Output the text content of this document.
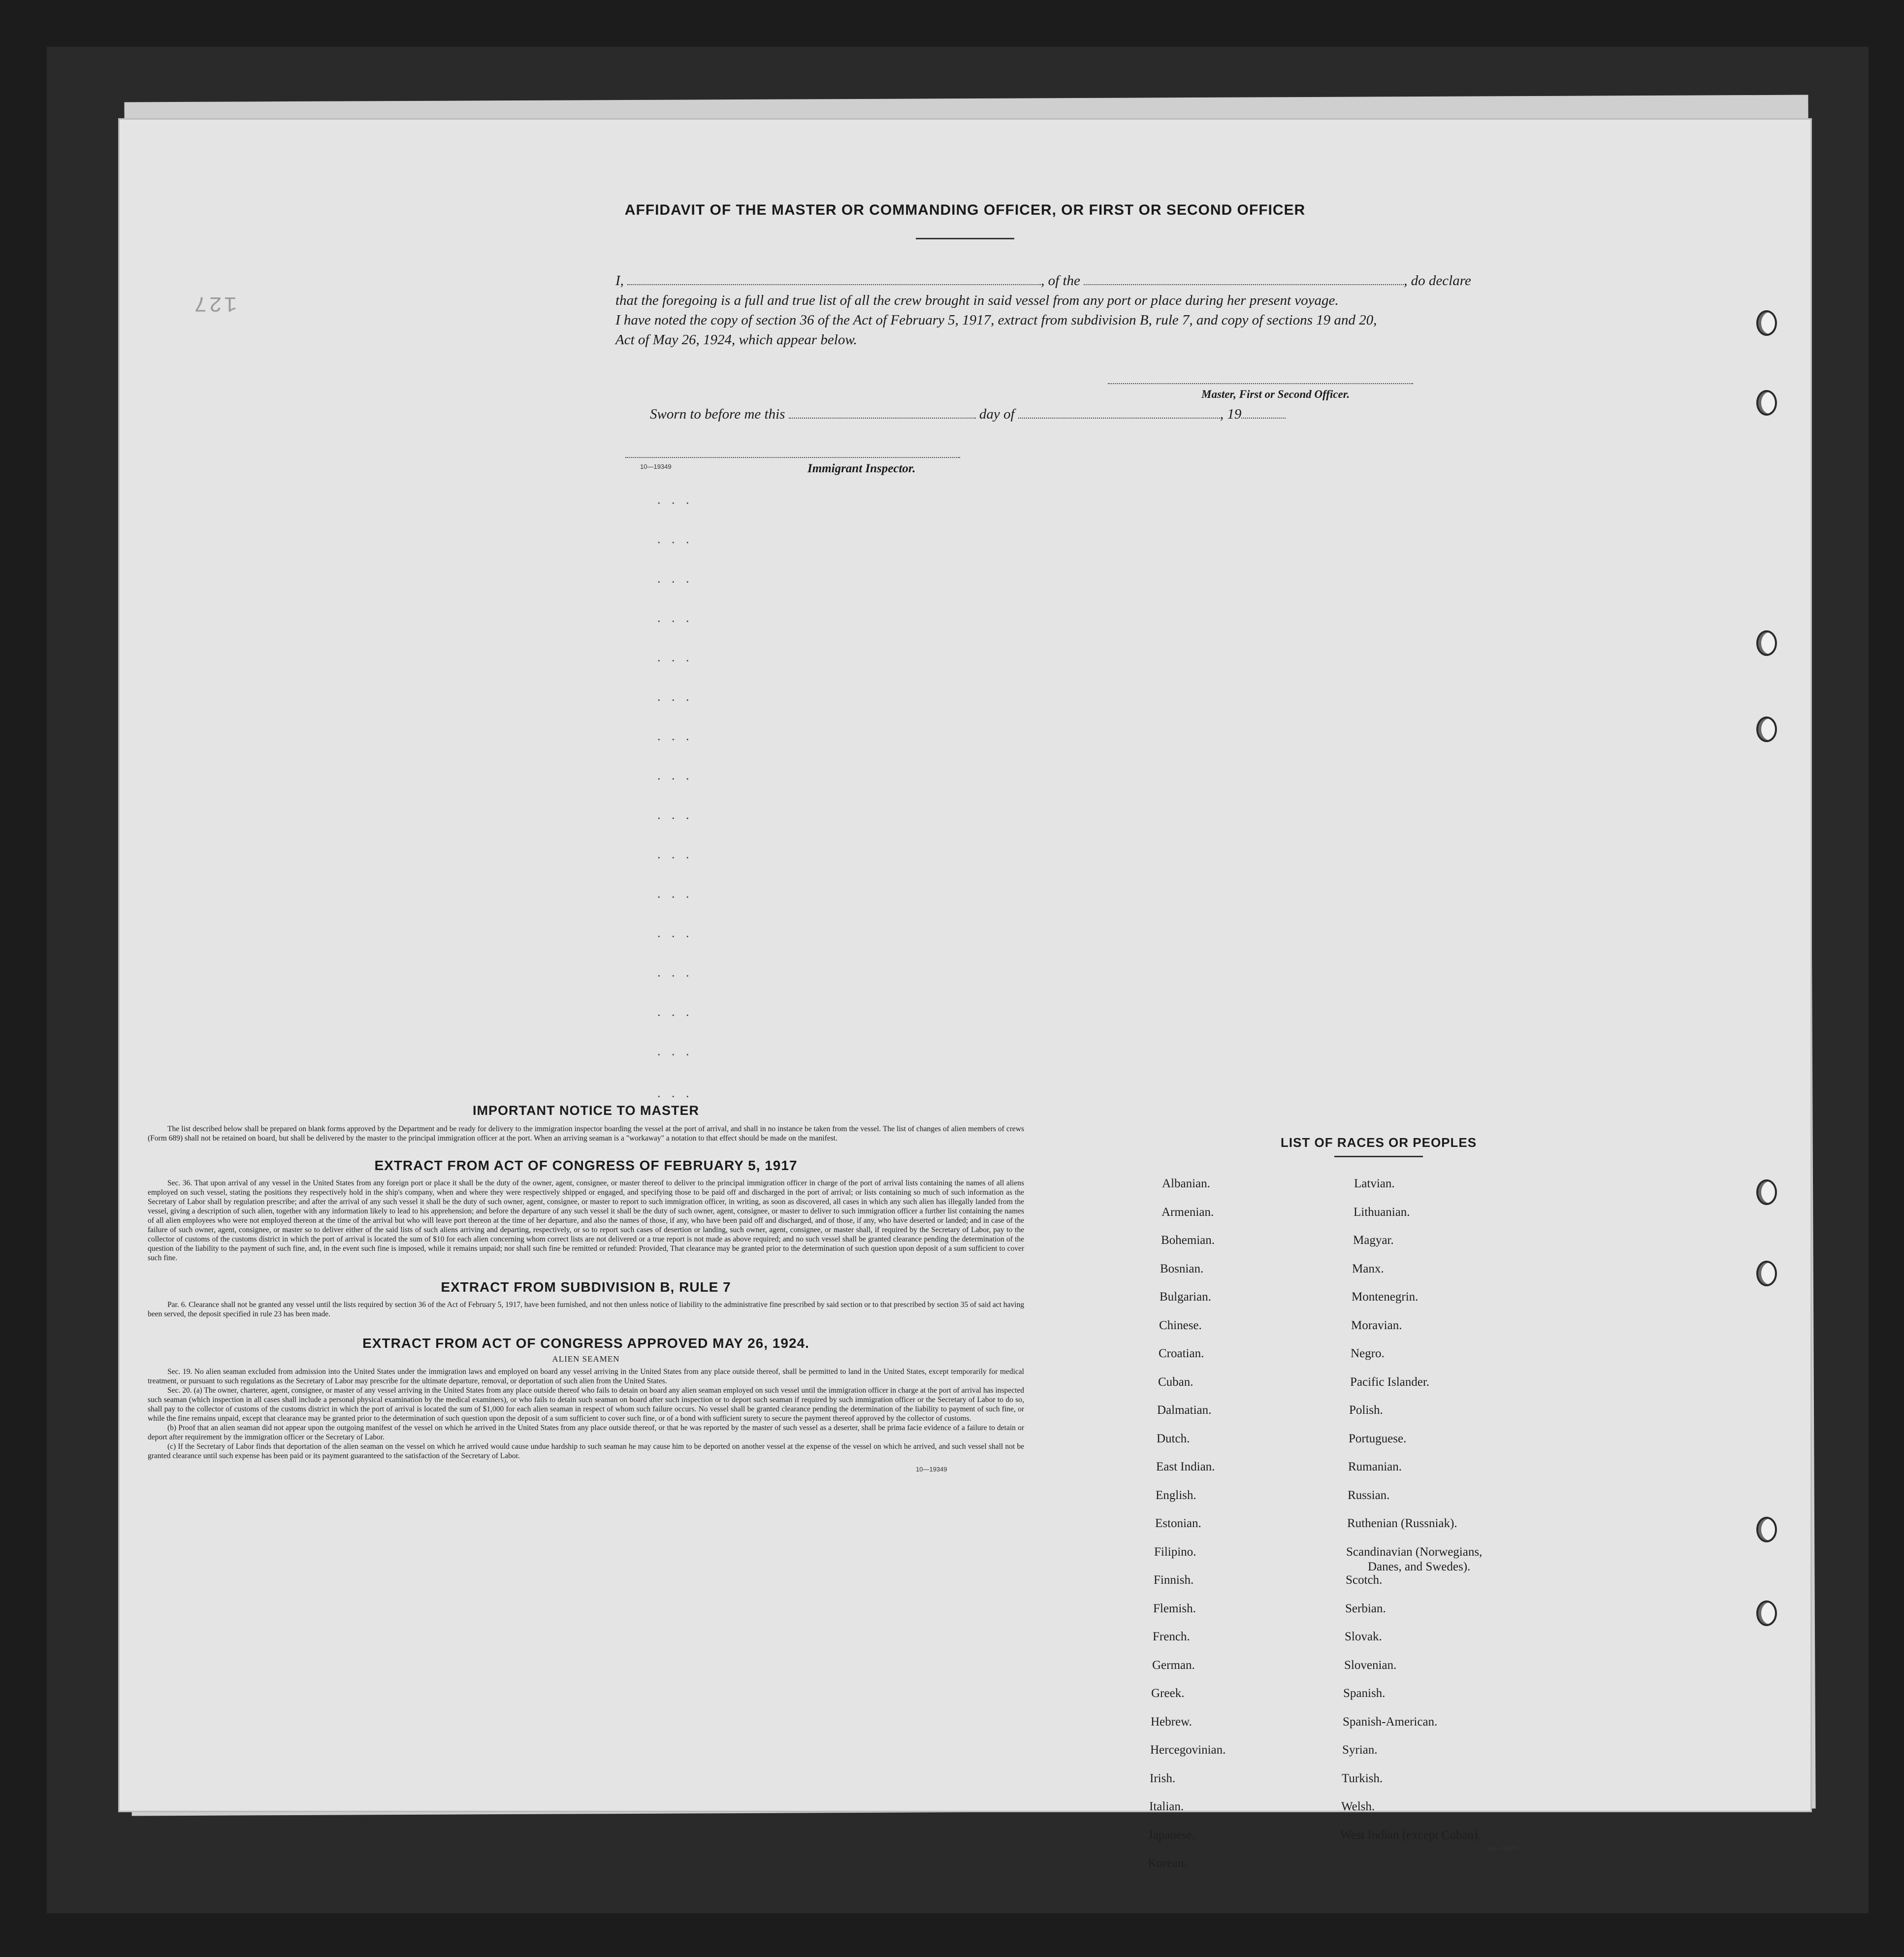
127
AFFIDAVIT OF THE MASTER OR COMMANDING OFFICER, OR FIRST OR SECOND OFFICER
I,	, of the	, do declare
that the foregoing is a full and true list of all the crew brought in said vessel from any port or place during her present voyage.
I have noted the copy of section 36 of the Act of February 5, 1917, extract from subdivision B, rule 7, and copy of sections 19 and 20,
Act of May 26, 1924, which appear below.
Master, First or Second Officer.
Sworn to before me this	day of	, 19
10—19349	Immigrant Inspector.
. . .
. . .
. . .
. . .
. . .
. . .
. . .
. . .
. . .
. . .
. . .
. . .
. . .
. . .
. . .
. . .
IMPORTANT NOTICE TO MASTER

The list described below shall be prepared on blank forms approved by the Department and be ready for delivery to the immigration inspector boarding the vessel at the port of arrival, and shall in no instance be taken from the vessel. The list of changes of alien members of crews (Form 689) shall not be retained on board, but shall be delivered by the master to the principal immigration officer at the port. When an arriving seaman is a "workaway" a notation to that effect should be made on the manifest.

EXTRACT FROM ACT OF CONGRESS OF FEBRUARY 5, 1917

Sec. 36. That upon arrival of any vessel in the United States from any foreign port or place it shall be the duty of the owner, agent, consignee, or master thereof to deliver to the principal immigration officer in charge of the port of arrival lists containing the names of all aliens employed on such vessel, stating the positions they respectively hold in the ship's company, when and where they were respectively shipped or engaged, and specifying those to be paid off and discharged in the port of arrival; or lists containing so much of such information as the Secretary of Labor shall by regulation prescribe; and after the arrival of any such vessel it shall be the duty of such owner, agent, consignee, or master to report to such immigration officer, in writing, as soon as discovered, all cases in which any such alien has illegally landed from the vessel, giving a description of such alien, together with any information likely to lead to his apprehension; and before the departure of any such vessel it shall be the duty of such owner, agent, consignee, or master to deliver to such immigration officer a further list containing the names of all alien employees who were not employed thereon at the time of the arrival but who will leave port thereon at the time of her departure, and also the names of those, if any, who have been paid off and discharged, and of those, if any, who have deserted or landed; and in case of the failure of such owner, agent, consignee, or master so to deliver either of the said lists of such aliens arriving and departing, respectively, or so to report such cases of desertion or landing, such owner, agent, consignee, or master shall, if required by the Secretary of Labor, pay to the collector of customs of the customs district in which the port of arrival is located the sum of $10 for each alien concerning whom correct lists are not delivered or a true report is not made as above required; and no such vessel shall be granted clearance pending the determination of the question of the liability to the payment of such fine, and, in the event such fine is imposed, while it remains unpaid; nor shall such fine be remitted or refunded: Provided, That clearance may be granted prior to the determination of such question upon deposit of a sum sufficient to cover such fine.

EXTRACT FROM SUBDIVISION B, RULE 7

Par. 6. Clearance shall not be granted any vessel until the lists required by section 36 of the Act of February 5, 1917, have been furnished, and not then unless notice of liability to the administrative fine prescribed by said section or to that prescribed by section 35 of said act having been served, the deposit specified in rule 23 has been made.

EXTRACT FROM ACT OF CONGRESS APPROVED MAY 26, 1924.
ALIEN SEAMEN

Sec. 19. No alien seaman excluded from admission into the United States under the immigration laws and employed on board any vessel arriving in the United States from any place outside thereof, shall be permitted to land in the United States, except temporarily for medical treatment, or pursuant to such regulations as the Secretary of Labor may prescribe for the ultimate departure, removal, or deportation of such alien from the United States.

Sec. 20. (a) The owner, charterer, agent, consignee, or master of any vessel arriving in the United States from any place outside thereof who fails to detain on board any alien seaman employed on such vessel until the immigration officer in charge at the port of arrival has inspected such seaman (which inspection in all cases shall include a personal physical examination by the medical examiners), or who fails to detain such seaman on board after such inspection or to deport such seaman if required by such immigration officer or the Secretary of Labor to do so, shall pay to the collector of customs of the customs district in which the port of arrival is located the sum of $1,000 for each alien seaman in respect of whom such failure occurs. No vessel shall be granted clearance pending the determination of the liability to payment of such fine, or while the fine remains unpaid, except that clearance may be granted prior to the determination of such question upon the deposit of a sum sufficient to cover such fine, or of a bond with sufficient surety to secure the payment thereof approved by the collector of customs.

(b) Proof that an alien seaman did not appear upon the outgoing manifest of the vessel on which he arrived in the United States from any place outside thereof, or that he was reported by the master of such vessel as a deserter, shall be prima facie evidence of a failure to detain or deport after requirement by the immigration officer or the Secretary of Labor.

(c) If the Secretary of Labor finds that deportation of the alien seaman on the vessel on which he arrived would cause undue hardship to such seaman he may cause him to be deported on another vessel at the expense of the vessel on which he arrived, and such vessel shall not be granted clearance until such expense has been paid or its payment guaranteed to the satisfaction of the Secretary of Labor.

10—19349
LIST OF RACES OR PEOPLES
10—19349
Albanian.
Armenian.
Bohemian.
Bosnian.
Bulgarian.
Chinese.
Croatian.
Cuban.
Dalmatian.
Dutch.
East Indian.
English.
Estonian.
Filipino.
Finnish.
Flemish.
French.
German.
Greek.
Hebrew.
Hercegovinian.
Irish.
Italian.
Japanese.
Korean.
Latvian.
Lithuanian.
Magyar.
Manx.
Montenegrin.
Moravian.
Negro.
Pacific Islander.
Polish.
Portuguese.
Rumanian.
Russian.
Ruthenian (Russniak).
Scandinavian (Norwegians,
Danes, and Swedes).
Scotch.
Serbian.
Slovak.
Slovenian.
Spanish.
Spanish-American.
Syrian.
Turkish.
Welsh.
West Indian (except Cuban).
